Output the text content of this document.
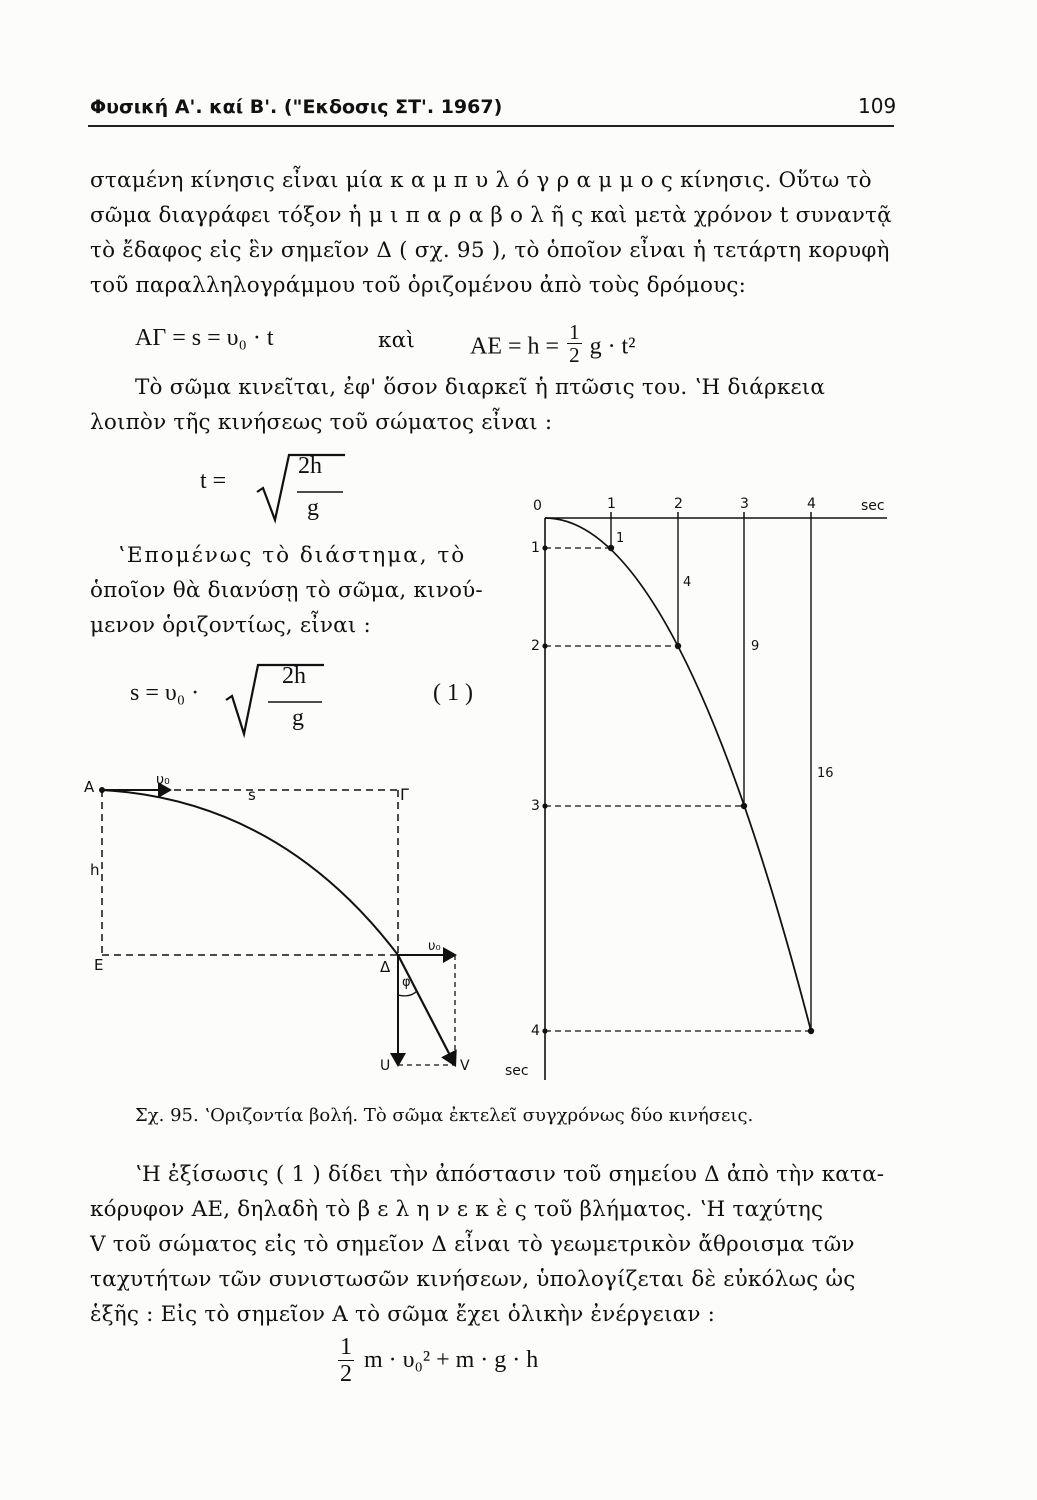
Φυσική Α'. καί Β'. ("Εκδοσις ΣΤ'. 1967)	109
σταμένη κίνησις εἶναι μία κ α μ π υ λ ό γ ρ α μ μ ο ς κίνησις. Οὕτω τὸ
σῶμα διαγράφει τόξον ἡ μ ι π α ρ α β ο λ ῆ ς καὶ μετὰ χρόνον t συναντᾷ
τὸ ἔδαφος εἰς ἓν σημεῖον Δ ( σχ. 95 ), τὸ ὁποῖον εἶναι ἡ τετάρτη κορυφὴ
τοῦ παραλληλογράμμου τοῦ ὁριζομένου ἀπὸ τοὺς δρόμους:
ΑΓ = s = υ₀ · t	καὶ $AE = h = \frac{1}{2}$ g · t²
Τὸ σῶμα κινεῖται, ἐφ' ὅσον διαρκεῖ ἡ πτῶσις του. ʽΗ διάρκεια
λοιπὸν τῆς κινήσεως τοῦ σώματος εἶναι :
t =
2h
g
ʽΕπομένως τὸ διάστημα, τὸ
ὁποῖον θὰ διανύσῃ τὸ σῶμα, κινού-
μενον ὁριζοντίως, εἶναι :
s = υ₀ ·
2h
g
( 1 )
A	υ₀
s	Γ
h
E	Δ
υ₀
φ
U	V
0	1	2	3	4	sec
1
2
3
4
sec
1
4
9
16
Σχ. 95. ʽΟριζοντία βολή. Τὸ σῶμα ἐκτελεῖ συγχρόνως δύο κινήσεις.
ʽΗ ἐξίσωσις ( 1 ) δίδει τὴν ἀπόστασιν τοῦ σημείου Δ ἀπὸ τὴν κατα-
κόρυφον ΑΕ, δηλαδὴ τὸ β ε λ η ν ε κ ὲ ς τοῦ βλήματος. ʽΗ ταχύτης
V τοῦ σώματος εἰς τὸ σημεῖον Δ εἶναι τὸ γεωμετρικὸν ἄθροισμα τῶν
ταχυτήτων τῶν συνιστωσῶν κινήσεων, ὑπολογίζεται δὲ εὐκόλως ὡς
ἑξῆς : Εἰς τὸ σημεῖον Α τὸ σῶμα ἔχει ὁλικὴν ἐνέργειαν :
$\frac{1}{2}$ m · υ₀² + m · g · h
